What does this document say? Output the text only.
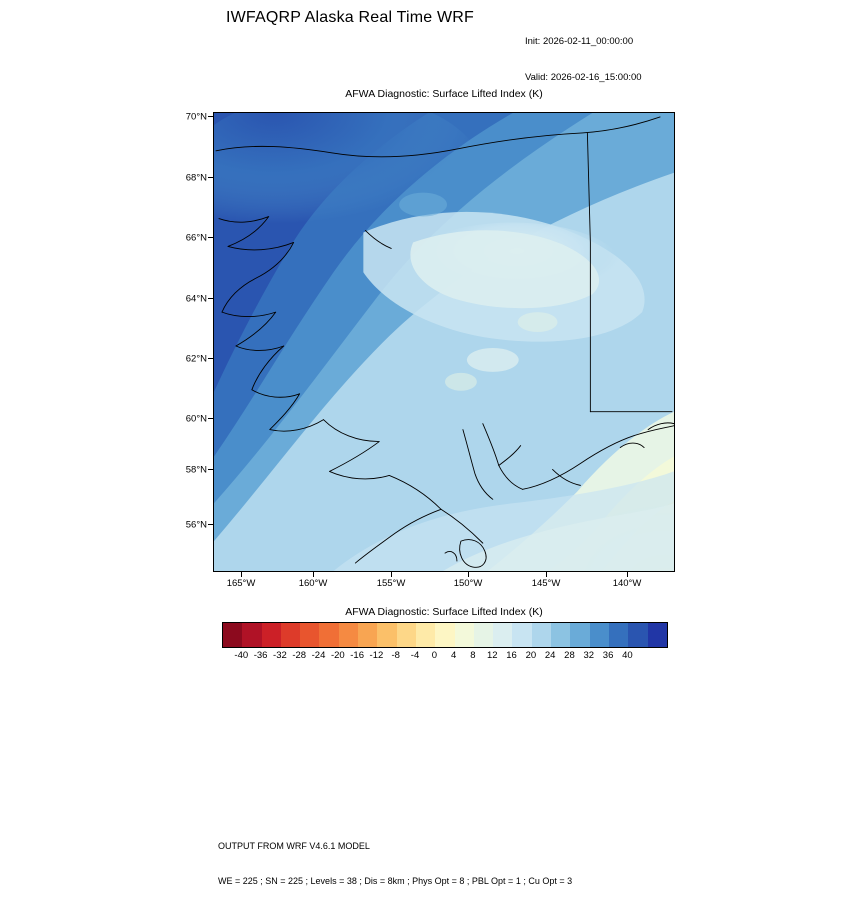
IWFAQRP Alaska Real Time WRF

Init: 2026-02-11_00:00:00

Valid: 2026-02-16_15:00:00

AFWA Diagnostic: Surface Lifted Index (K)
70°N
68°N
66°N
64°N
62°N
60°N
58°N
56°N
165°W	160°W	155°W	150°W	145°W	140°W
AFWA Diagnostic: Surface Lifted Index (K)
-40 -36 -32 -28 -24 -20 -16 -12 -8	-4	0	4	8	12 16 20 24 28 32 36 40

OUTPUT FROM WRF V4.6.1 MODEL

WE = 225 ; SN = 225 ; Levels = 38 ; Dis = 8km ; Phys Opt = 8 ; PBL Opt = 1 ; Cu Opt = 3
